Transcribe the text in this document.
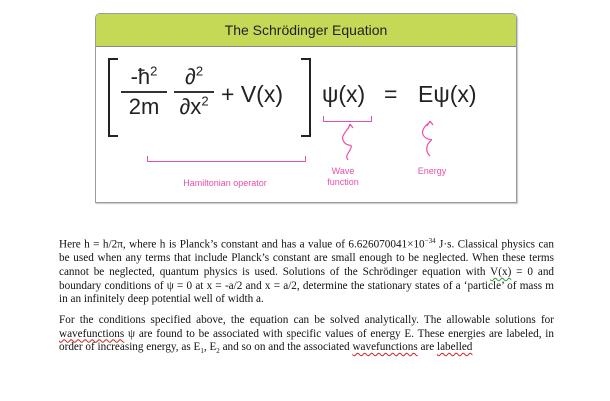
The Schrödinger Equation
$-ħ^2$
2m
∂$^2$
$\partial x^2 + V(x) \psi(x) = E\psi(x)$
Hamiltonian operator
Wave
function
Energy
Here h = h/2π, where h is Planck’s constant and has a value of $6.626070041\times 10^{-34}$ J·s. Classical physics can be used when any terms that include Planck’s constant are small enough to be neglected. When these terms cannot be neglected, quantum physics is used. Solutions of the Schrödinger equation with V(x) = 0 and boundary conditions of ψ = 0 at x = -a/2 and x = a/2, determine the stationary states of a ‘particle’ of mass m in an infinitely deep potential well of width a.
For the conditions specified above, the equation can be solved analytically. The allowable solutions for wavefunctions ψ are found to be associated with specific values of energy E. These energies are labeled, in order of increasing energy, as $E_1$, $E_2$ and so on and the associated wavefunctions are labelled
